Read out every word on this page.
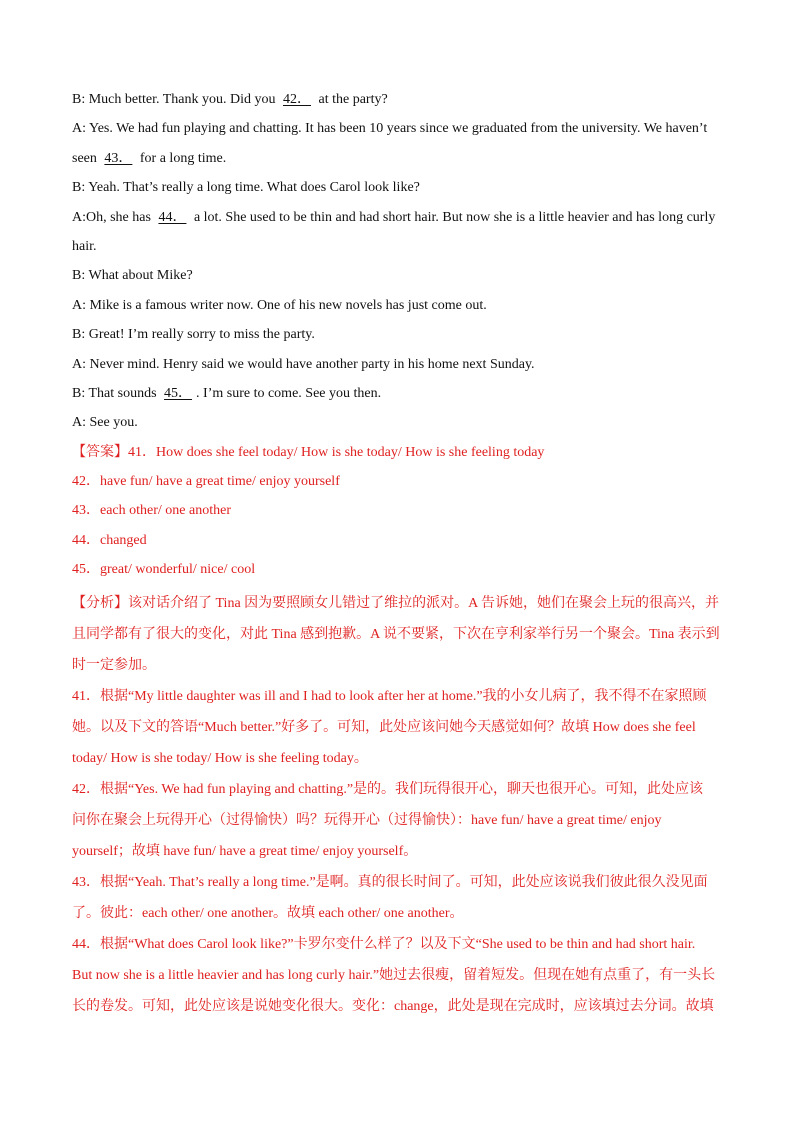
B: Much better. Thank you. Did you 42． at the party?
A: Yes. We had fun playing and chatting. It has been 10 years since we graduated from the university. We haven’t
seen 43． for a long time.
B: Yeah. That’s really a long time. What does Carol look like?
A:Oh, she has 44． a lot. She used to be thin and had short hair. But now she is a little heavier and has long curly
hair.
B: What about Mike?
A: Mike is a famous writer now. One of his new novels has just come out.
B: Great! I’m really sorry to miss the party.
A: Never mind. Henry said we would have another party in his home next Sunday.
B: That sounds 45． . I’m sure to come. See you then.
A: See you.
【答案】41．How does she feel today/ How is she today/ How is she feeling today
42．have fun/ have a great time/ enjoy yourself
43．each other/ one another
44．changed
45．great/ wonderful/ nice/ cool
【分析】该对话介绍了 Tina 因为要照顾女儿错过了维拉的派对。A 告诉她，她们在聚会上玩的很高兴，并
且同学都有了很大的变化，对此 Tina 感到抱歉。A 说不要紧，下次在亨利家举行另一个聚会。Tina 表示到
时一定参加。
41．根据“My little daughter was ill and I had to look after her at home.”我的小女儿病了，我不得不在家照顾
她。以及下文的答语“Much better.”好多了。可知，此处应该问她今天感觉如何？故填 How does she feel
today/ How is she today/ How is she feeling today。
42．根据“Yes. We had fun playing and chatting.”是的。我们玩得很开心，聊天也很开心。可知，此处应该
问你在聚会上玩得开心（过得愉快）吗？玩得开心（过得愉快）：have fun/ have a great time/ enjoy
yourself；故填 have fun/ have a great time/ enjoy yourself。
43．根据“Yeah. That’s really a long time.”是啊。真的很长时间了。可知，此处应该说我们彼此很久没见面
了。彼此：each other/ one another。故填 each other/ one another。
44．根据“What does Carol look like?”卡罗尔变什么样了？以及下文“She used to be thin and had short hair.
But now she is a little heavier and has long curly hair.”她过去很瘦，留着短发。但现在她有点重了，有一头长
长的卷发。可知，此处应该是说她变化很大。变化：change，此处是现在完成时，应该填过去分词。故填
